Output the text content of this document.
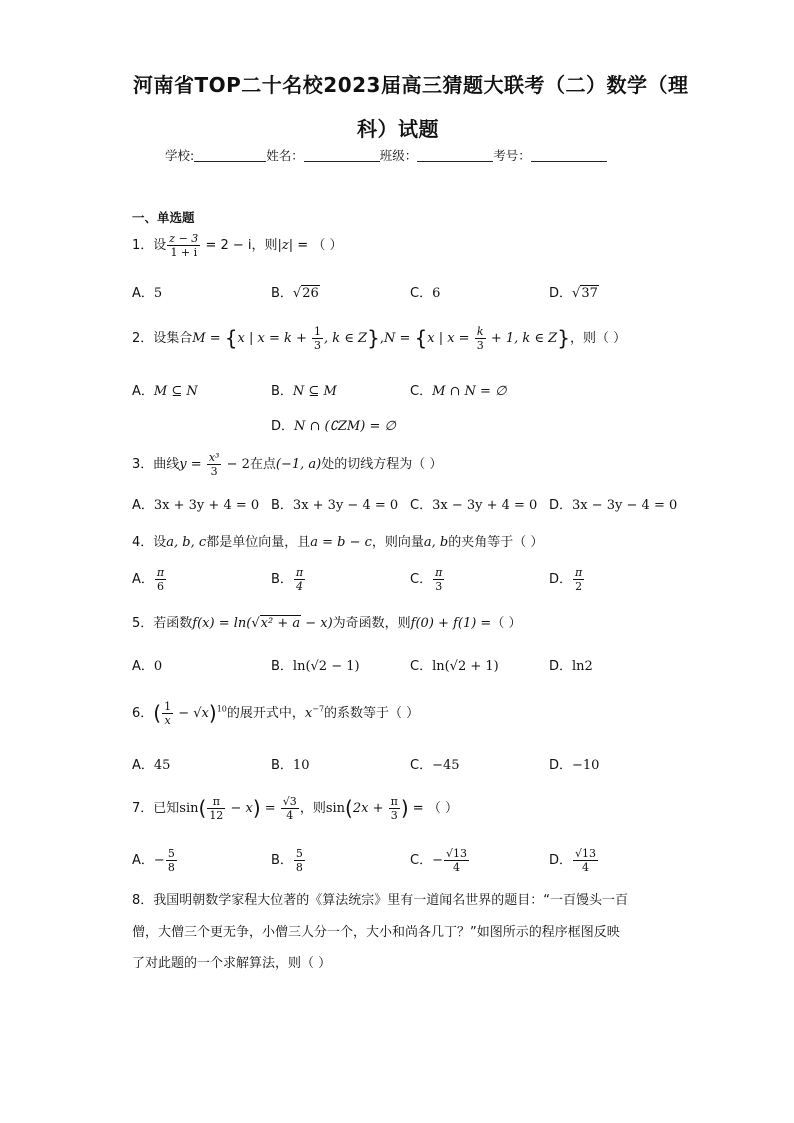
河南省TOP二十名校2023届高三猜题大联考（二）数学（理
科）试题
学校:	姓名：	班级：	考号：
一、单选题
1．设 $\frac{z - 3}{1 + i} = 2 - i$，则|z| = （ ）
A．5	B．√26	C．6	D．√37
2．设集合M = {x | $x = k + \frac{1}{3}$ , k ∈ Z},N = {x | $x = \frac{k}{3} + 1$, k ∈ Z}，则（ ）
A．M ⊆ N	B．N ⊆ M	C．M ∩ N = ∅
D．N ∩ (∁ZM) = ∅
3．曲线$y = \frac{\text{x³}}{3} - 2$在点(−1, a)处的切线方程为（ ）
A．3x + 3y + 4 = 0 B．3x + 3y − 4 = 0 C．3x − 3y + 4 = 0 D．3x − 3y − 4 = 0
4．设a, b, c都是单位向量，且a = b − c，则向量a, b的夹角等于（ ）
A． $\frac{\pi}{6}$	B． $\frac{\pi}{4}$	C． $\frac{\pi}{3}$	D． $\frac{\pi}{2}$
5．若函数f(x) = ln(√x² + a − x)为奇函数，则f(0) + f(1) =（ ）
A．0	B．ln(√2 − 1)	C．ln(√2 + 1)	D．ln2
6．( $\frac{1}{x} - √x)^{10}$的展开式中，$x^{-7}$的系数等于（ ）
A．45	B．10	C．−45	D．−10
7．已知$\sin( \frac{\pi}{12} - x) = \frac{√3}{4}$ ，则$\sin(2x + \frac{\pi}{3}$ ) = （ ）
A．− $\frac{5}{8}$	B． $\frac{5}{8}$	C．− $\frac{√13}{4}$	D． $\frac{√13}{4}$
8．我国明朝数学家程大位著的《算法统宗》里有一道闻名世界的题目：“一百馒头一百
僧，大僧三个更无争，小僧三人分一个，大小和尚各几丁？”如图所示的程序框图反映
了对此题的一个求解算法，则（ ）
